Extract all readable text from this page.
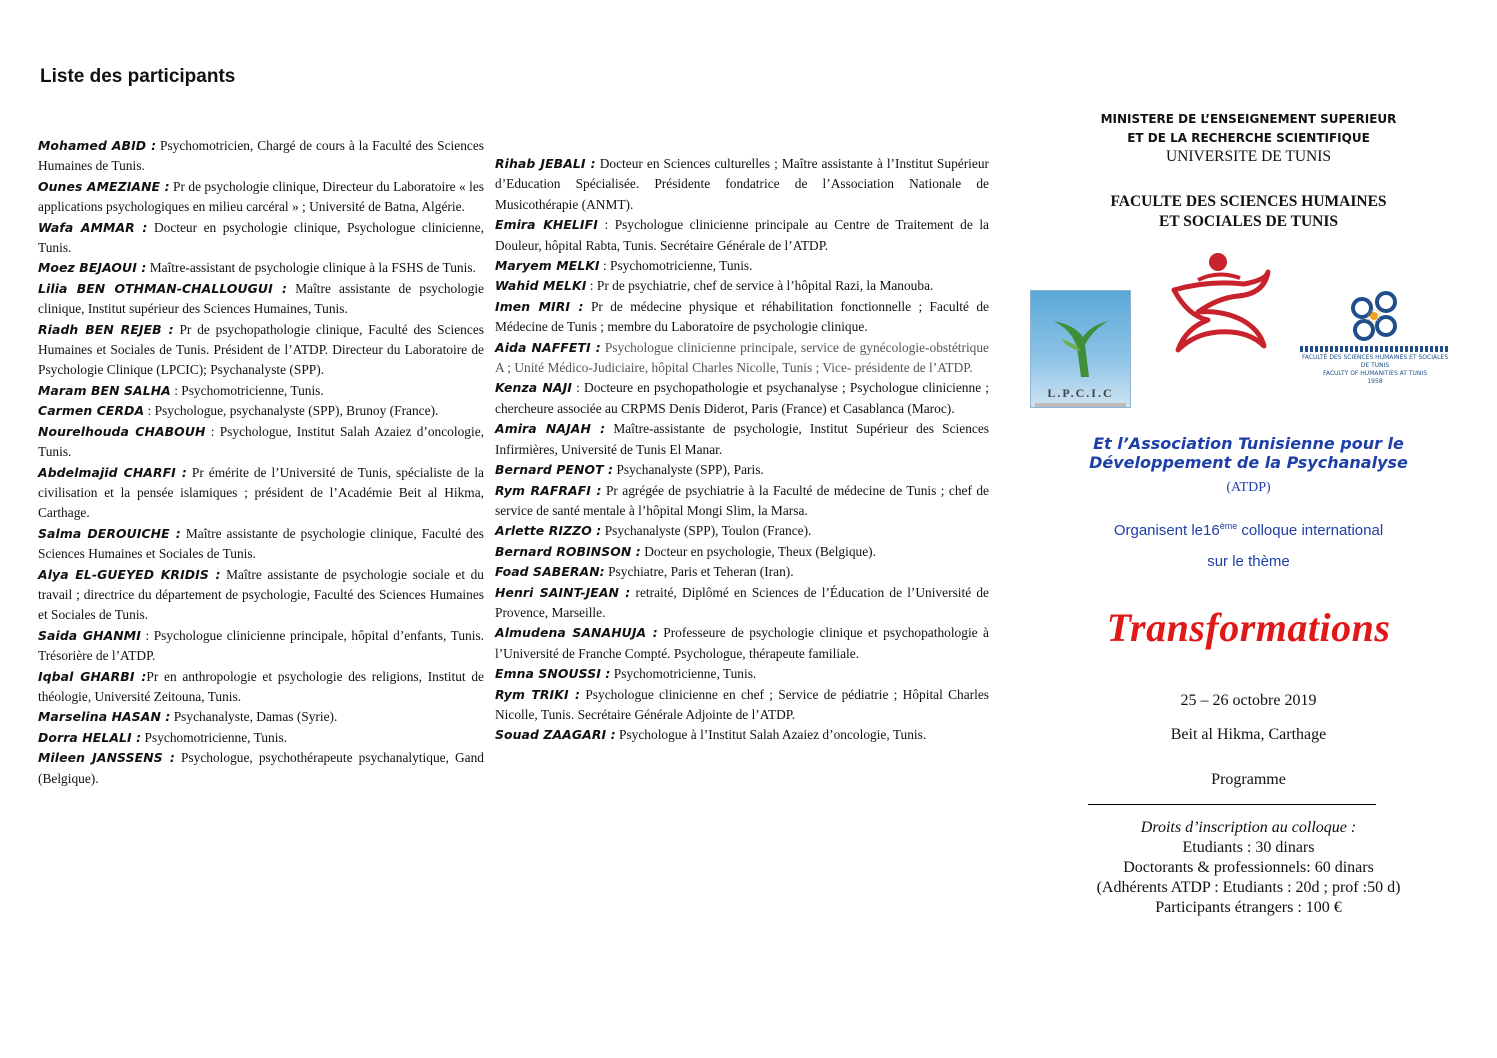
Liste des participants

Mohamed ABID : Psychomotricien, Chargé de cours à la Faculté des Sciences Humaines de Tunis.

Ounes AMEZIANE : Pr de psychologie clinique, Directeur du Laboratoire « les applications psychologiques en milieu carcéral » ; Université de Batna, Algérie.

Wafa AMMAR : Docteur en psychologie clinique, Psychologue clinicienne, Tunis.

Moez BEJAOUI : Maître-assistant de psychologie clinique à la FSHS de Tunis.

Lilia BEN OTHMAN-CHALLOUGUI : Maître assistante de psychologie clinique, Institut supérieur des Sciences Humaines, Tunis.

Riadh BEN REJEB : Pr de psychopathologie clinique, Faculté des Sciences Humaines et Sociales de Tunis. Président de l’ATDP. Directeur du Laboratoire de Psychologie Clinique (LPCIC); Psychanalyste (SPP).

Maram BEN SALHA : Psychomotricienne, Tunis.

Carmen CERDA : Psychologue, psychanalyste (SPP), Brunoy (France).

Nourelhouda CHABOUH : Psychologue, Institut Salah Azaiez d’oncologie, Tunis.

Abdelmajid CHARFI : Pr émérite de l’Université de Tunis, spécialiste de la civilisation et la pensée islamiques ; président de l’Académie Beit al Hikma, Carthage.

Salma DEROUICHE : Maître assistante de psychologie clinique, Faculté des Sciences Humaines et Sociales de Tunis.

Alya EL-GUEYED KRIDIS : Maître assistante de psychologie sociale et du travail ; directrice du département de psychologie, Faculté des Sciences Humaines et Sociales de Tunis.

Saida GHANMI : Psychologue clinicienne principale, hôpital d’enfants, Tunis. Trésorière de l’ATDP.

Iqbal GHARBI :Pr en anthropologie et psychologie des religions, Institut de théologie, Université Zeitouna, Tunis.

Marselina HASAN : Psychanalyste, Damas (Syrie).

Dorra HELALI : Psychomotricienne, Tunis.

Mileen JANSSENS : Psychologue, psychothérapeute psychanalytique, Gand (Belgique).

Rihab JEBALI : Docteur en Sciences culturelles ; Maître assistante à l’Institut Supérieur d’Education Spécialisée. Présidente fondatrice de l’Association Nationale de Musicothérapie (ANMT).

Emira KHELIFI : Psychologue clinicienne principale au Centre de Traitement de la Douleur, hôpital Rabta, Tunis. Secrétaire Générale de l’ATDP.

Maryem MELKI : Psychomotricienne, Tunis.

Wahid MELKI : Pr de psychiatrie, chef de service à l’hôpital Razi, la Manouba.

Imen MIRI : Pr de médecine physique et réhabilitation fonctionnelle ; Faculté de Médecine de Tunis ; membre du Laboratoire de psychologie clinique.

Aida NAFFETI : Psychologue clinicienne principale, service de gynécologie-obstétrique A ; Unité Médico-Judiciaire, hôpital Charles Nicolle, Tunis ; Vice- présidente de l’ATDP.

Kenza NAJI : Docteure en psychopathologie et psychanalyse ; Psychologue clinicienne ; chercheure associée au CRPMS Denis Diderot, Paris (France) et Casablanca (Maroc).

Amira NAJAH : Maître-assistante de psychologie, Institut Supérieur des Sciences Infirmières, Université de Tunis El Manar.

Bernard PENOT : Psychanalyste (SPP), Paris.

Rym RAFRAFI : Pr agrégée de psychiatrie à la Faculté de médecine de Tunis ; chef de service de santé mentale à l’hôpital Mongi Slim, la Marsa.

Arlette RIZZO : Psychanalyste (SPP), Toulon (France).

Bernard ROBINSON : Docteur en psychologie, Theux (Belgique).

Foad SABERAN: Psychiatre, Paris et Teheran (Iran).

Henri SAINT-JEAN : retraité, Diplômé en Sciences de l’Éducation de l’Université de Provence, Marseille.

Almudena SANAHUJA : Professeure de psychologie clinique et psychopathologie à l’Université de Franche Compté. Psychologue, thérapeute familiale.

Emna SNOUSSI : Psychomotricienne, Tunis.

Rym TRIKI : Psychologue clinicienne en chef ; Service de pédiatrie ; Hôpital Charles Nicolle, Tunis. Secrétaire Générale Adjointe de l’ATDP.

Souad ZAAGARI : Psychologue à l’Institut Salah Azaiez d’oncologie, Tunis.

MINISTERE DE L’ENSEIGNEMENT SUPERIEUR
ET DE LA RECHERCHE SCIENTIFIQUE
UNIVERSITE DE TUNIS
FACULTE DES SCIENCES HUMAINES
ET SOCIALES DE TUNIS
L.P.C.I.C
FACULTÉ DES SCIENCES HUMAINES ET SOCIALES DE TUNIS
FACULTY OF HUMANITIES AT TUNIS
1958
Et l’Association Tunisienne pour le
Développement de la Psychanalyse
(ATDP)
Organisent le16ème colloque international
sur le thème
Transformations
25 – 26 octobre 2019
Beit al Hikma, Carthage
Programme
Droits d’inscription au colloque :
Etudiants : 30 dinars
Doctorants & professionnels: 60 dinars
(Adhérents ATDP : Etudiants : 20d ; prof :50 d)
Participants étrangers : 100 €
